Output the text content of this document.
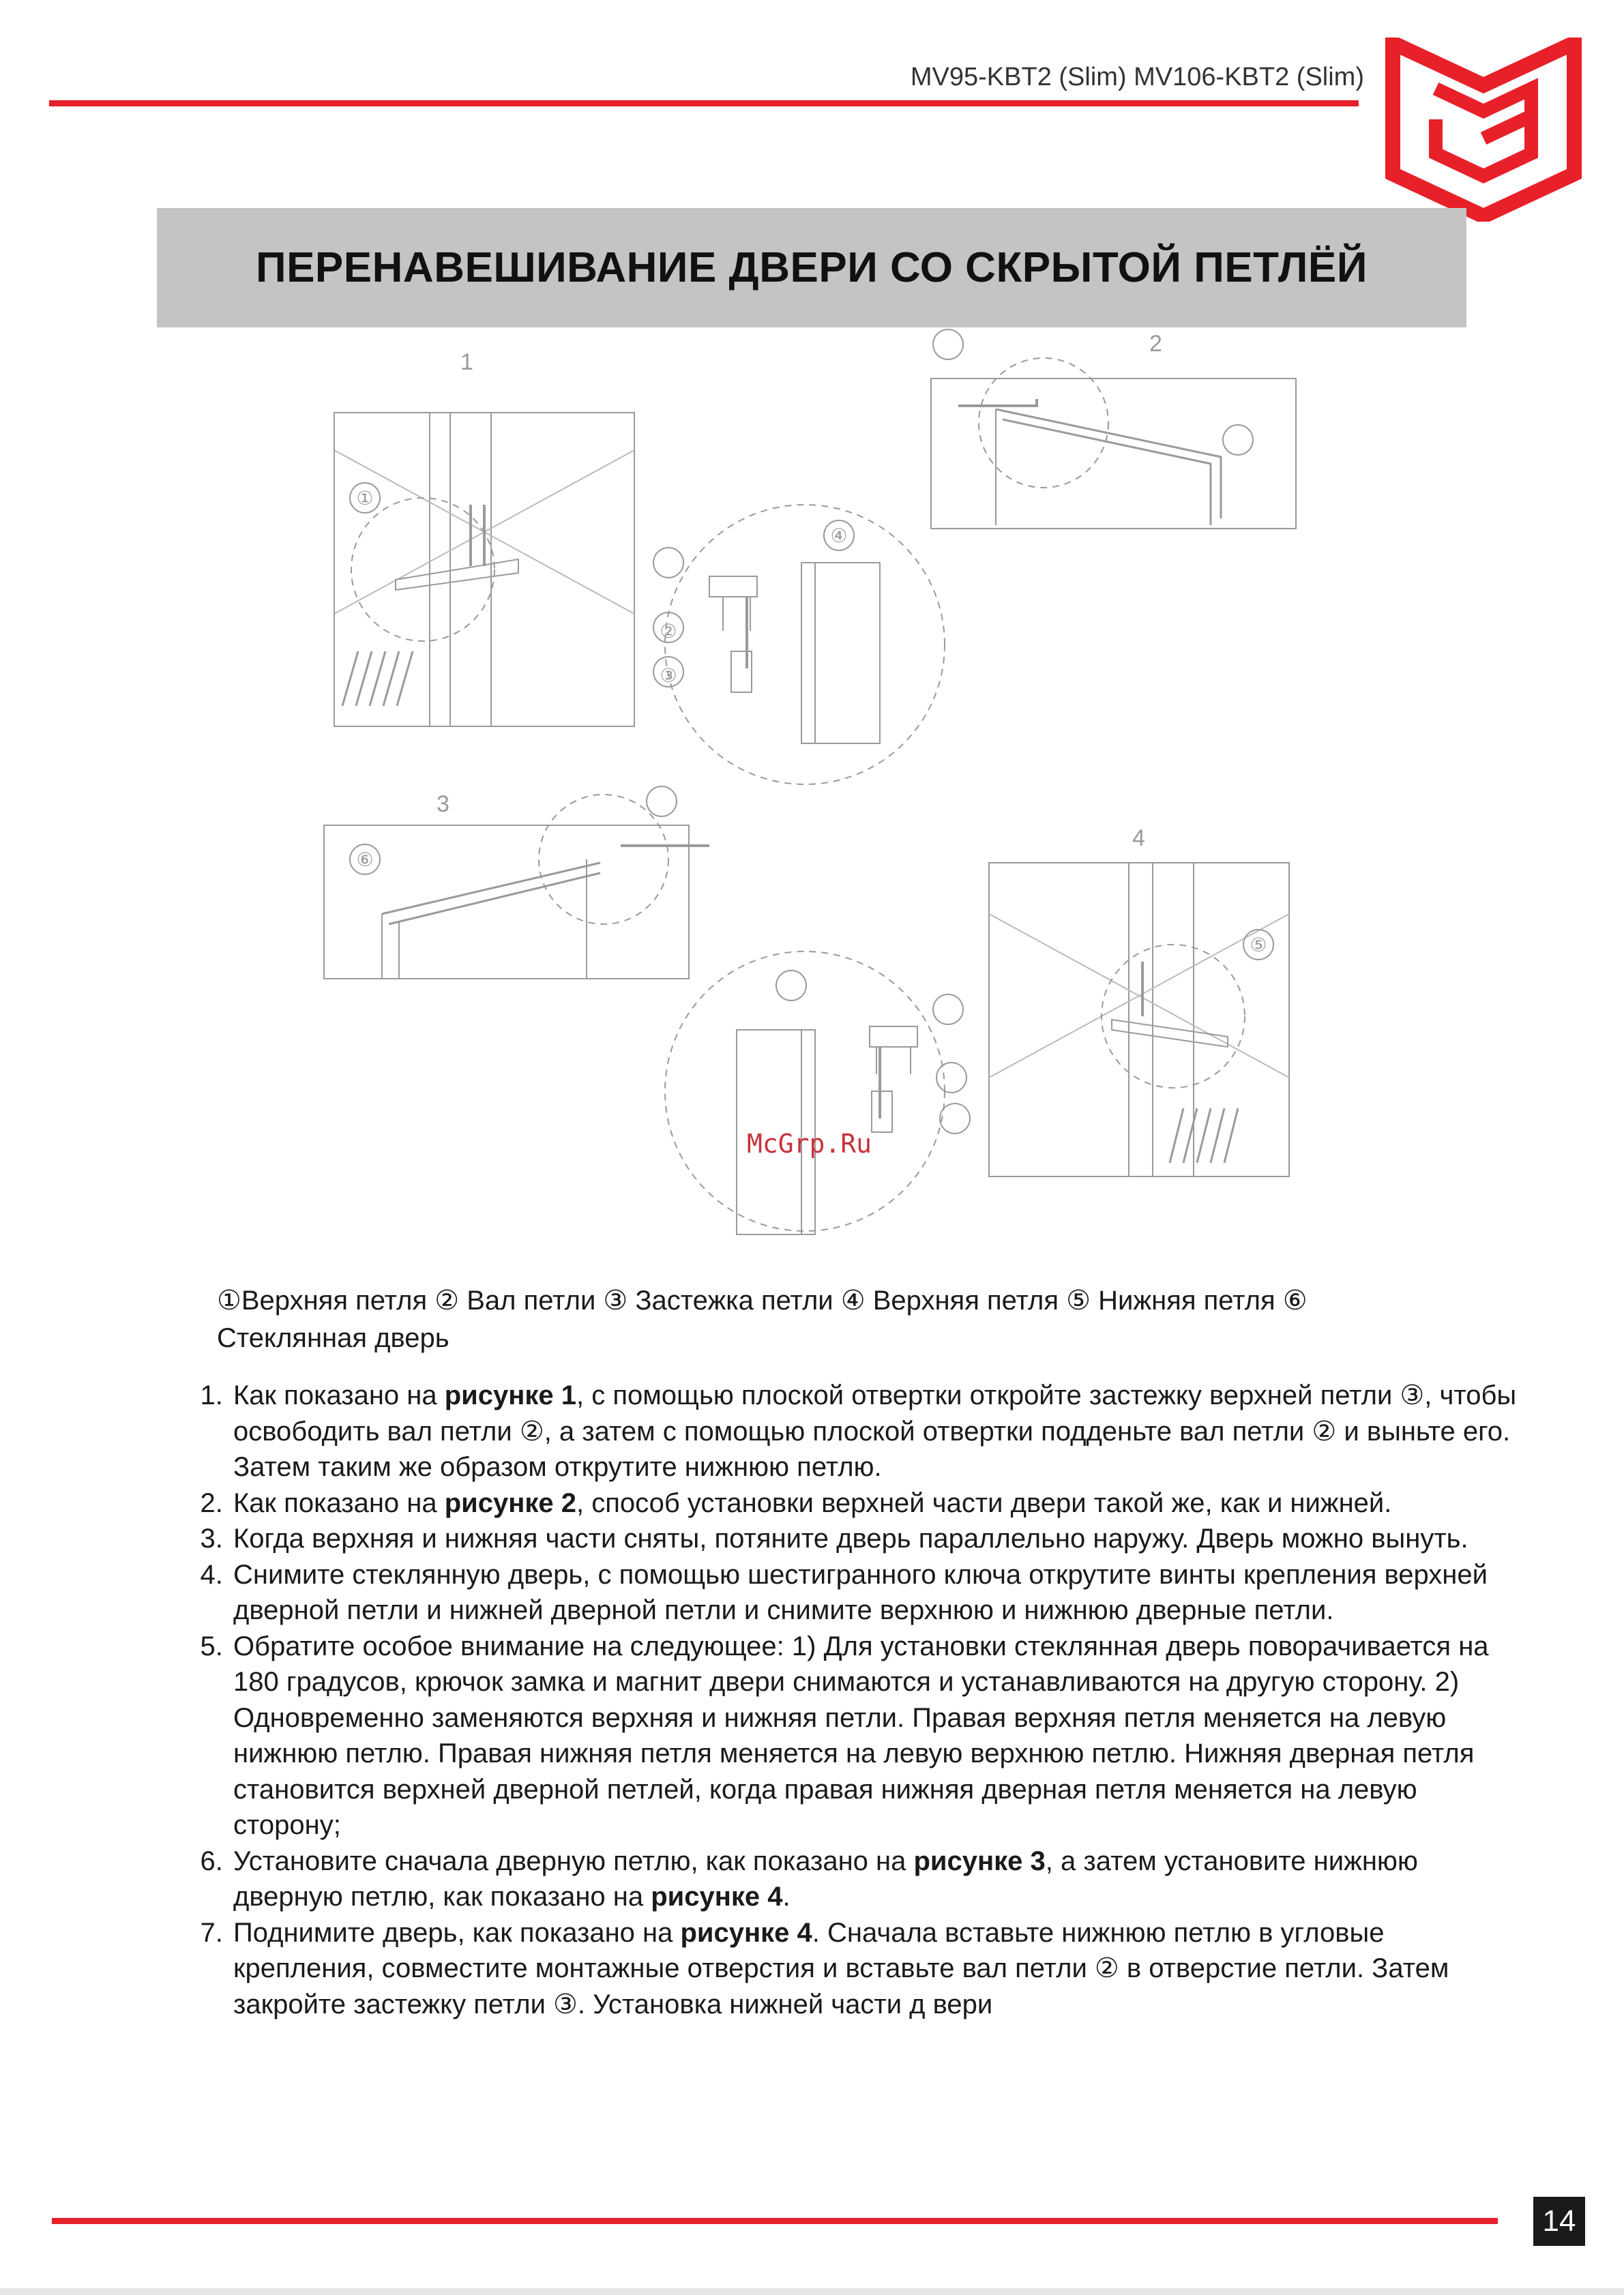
MV95-KBT2 (Slim) MV106-KBT2 (Slim)
ПЕРЕНАВЕШИВАНИЕ ДВЕРИ СО СКРЫТОЙ ПЕТЛЁЙ
1
2
3
4
①
②
③
④
⑤
⑥
McGrp.Ru
①Верхняя петля ② Вал петли ③ Застежка петли ④ Верхняя петля ⑤ Нижняя петля ⑥ Стеклянная дверь
1. Как показано на рисунке 1, с помощью плоской отвертки откройте застежку верхней петли ③, чтобы освободить вал петли ②, а затем с помощью плоской отвертки подденьте вал петли ② и выньте его. Затем таким же образом открутите нижнюю петлю.
2. Как показано на рисунке 2, способ установки верхней части двери такой же, как и нижней.
3. Когда верхняя и нижняя части сняты, потяните дверь параллельно наружу. Дверь можно вынуть.
4. Снимите стеклянную дверь, с помощью шестигранного ключа открутите винты крепления верхней дверной петли и нижней дверной петли и снимите верхнюю и нижнюю дверные петли.
5. Обратите особое внимание на следующее: 1) Для установки стеклянная дверь поворачивается на 180 градусов, крючок замка и магнит двери снимаются и устанавливаются на другую сторону. 2) Одновременно заменяются верхняя и нижняя петли. Правая верхняя петля меняется на левую нижнюю петлю. Правая нижняя петля меняется на левую верхнюю петлю. Нижняя дверная петля становится верхней дверной петлей, когда правая нижняя дверная петля меняется на левую сторону;
6. Установите сначала дверную петлю, как показано на рисунке 3, а затем установите нижнюю дверную петлю, как показано на рисунке 4.
7. Поднимите дверь, как показано на рисунке 4. Сначала вставьте нижнюю петлю в угловые крепления, совместите монтажные отверстия и вставьте вал петли ② в отверстие петли. Затем закройте застежку петли ③. Установка нижней части д вери
14
